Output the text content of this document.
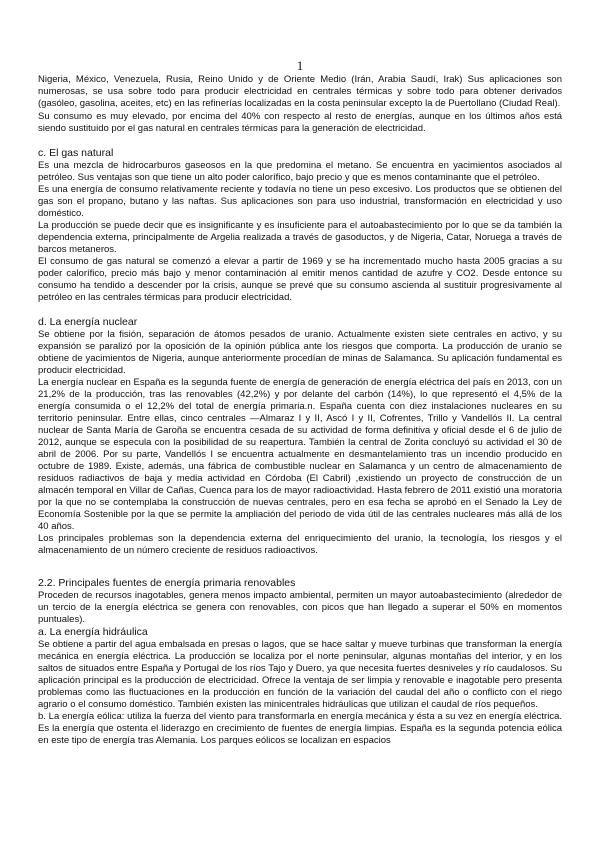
1

Nigeria, México, Venezuela, Rusia, Reino Unido y de Oriente Medio (Irán, Arabia Saudí, Irak) Sus aplicaciones son numerosas, se usa sobre todo para producir electricidad en centrales térmicas y sobre todo para obtener derivados (gasóleo, gasolina, aceites, etc) en las refinerías localizadas en la costa peninsular excepto la de Puertollano (Ciudad Real).

Su consumo es muy elevado, por encima del 40% con respecto al resto de energías, aunque en los últimos años está siendo sustituido por el gas natural en centrales térmicas para la generación de electricidad.

c. El gas natural

Es una mezcla de hidrocarburos gaseosos en la que predomina el metano. Se encuentra en yacimientos asociados al petróleo. Sus ventajas son que tiene un alto poder calorífico, bajo precio y que es menos contaminante que el petróleo.

Es una energía de consumo relativamente reciente y todavía no tiene un peso excesivo. Los productos que se obtienen del gas son el propano, butano y las naftas. Sus aplicaciones son para uso industrial, transformación en electricidad y uso doméstico.

La producción se puede decir que es insignificante y es insuficiente para el autoabastecimiento por lo que se da también la dependencia externa, principalmente de Argelia realizada a través de gasoductos, y de Nigeria, Catar, Noruega a través de barcos metaneros.

El consumo de gas natural se comenzó a elevar a partir de 1969 y se ha incrementado mucho hasta 2005 gracias a su poder calorífico, precio más bajo y menor contaminación al emitir menos cantidad de azufre y CO2. Desde entonce su consumo ha tendido a descender por la crisis, aunque se prevé que su consumo ascienda al sustituir progresivamente al petróleo en las centrales térmicas para producir electricidad.

d. La energía nuclear

Se obtiene por la fisión, separación de átomos pesados de uranio. Actualmente existen siete centrales en activo, y su expansión se paralizó por la oposición de la opinión pública ante los riesgos que comporta. La producción de uranio se obtiene de yacimientos de Nigeria, aunque anteriormente procedían de minas de Salamanca. Su aplicación fundamental es producir electricidad.

La energía nuclear en España es la segunda fuente de energía de generación de energía eléctrica del país en 2013, con un 21,2% de la producción, tras las renovables (42,2%) y por delante del carbón (14%), lo que representó el 4,5% de la energía consumida o el 12,2% del total de energía primaria.n. España cuenta con diez instalaciones nucleares en su territorio peninsular. Entre ellas, cinco centrales —Almaraz I y II, Ascó I y II, Cofrentes, Trillo y Vandellós II. La central nuclear de Santa María de Garoña se encuentra cesada de su actividad de forma definitiva y oficial desde el 6 de julio de 2012, aunque se especula con la posibilidad de su reapertura. También la central de Zorita concluyó su actividad el 30 de abril de 2006. Por su parte, Vandellós I se encuentra actualmente en desmantelamiento tras un incendio producido en octubre de 1989. Existe, además, una fábrica de combustible nuclear en Salamanca y un centro de almacenamiento de residuos radiactivos de baja y media actividad en Córdoba (El Cabril) ,existiendo un proyecto de construcción de un almacén temporal en Villar de Cañas, Cuenca para los de mayor radioactividad. Hasta febrero de 2011 existió una moratoria por la que no se contemplaba la construcción de nuevas centrales, pero en esa fecha se aprobó en el Senado la Ley de Economía Sostenible por la que se permite la ampliación del periodo de vida útil de las centrales nucleares más allá de los 40 años.

Los principales problemas son la dependencia externa del enriquecimiento del uranio, la tecnología, los riesgos y el almacenamiento de un número creciente de residuos radioactivos.

2.2. Principales fuentes de energía primaria renovables

Proceden de recursos inagotables, genera menos impacto ambiental, permiten un mayor autoabastecimiento (alrededor de un tercio de la energía eléctrica se genera con renovables, con picos que han llegado a superar el 50% en momentos puntuales).

a. La energía hidráulica

Se obtiene a partir del agua embalsada en presas o lagos, que se hace saltar y mueve turbinas que transforman la energía mecánica en energía eléctrica. La producción se localiza por el norte peninsular, algunas montañas del interior, y en los saltos de situados entre España y Portugal de los ríos Tajo y Duero, ya que necesita fuertes desniveles y río caudalosos. Su aplicación principal es la producción de electricidad. Ofrece la ventaja de ser limpia y renovable e inagotable pero presenta problemas como las fluctuaciones en la producción en función de la variación del caudal del año o conflicto con el riego agrario o el consumo doméstico. También existen las minicentrales hidráulicas que utilizan el caudal de ríos pequeños.

b. La energía eólica: utiliza la fuerza del viento para transformarla en energía mecánica y ésta a su vez en energía eléctrica. Es la energía que ostenta el liderazgo en crecimiento de fuentes de energía limpias. España es la segunda potencia eólica en este tipo de energía tras Alemania. Los parques eólicos se localizan en espacios
